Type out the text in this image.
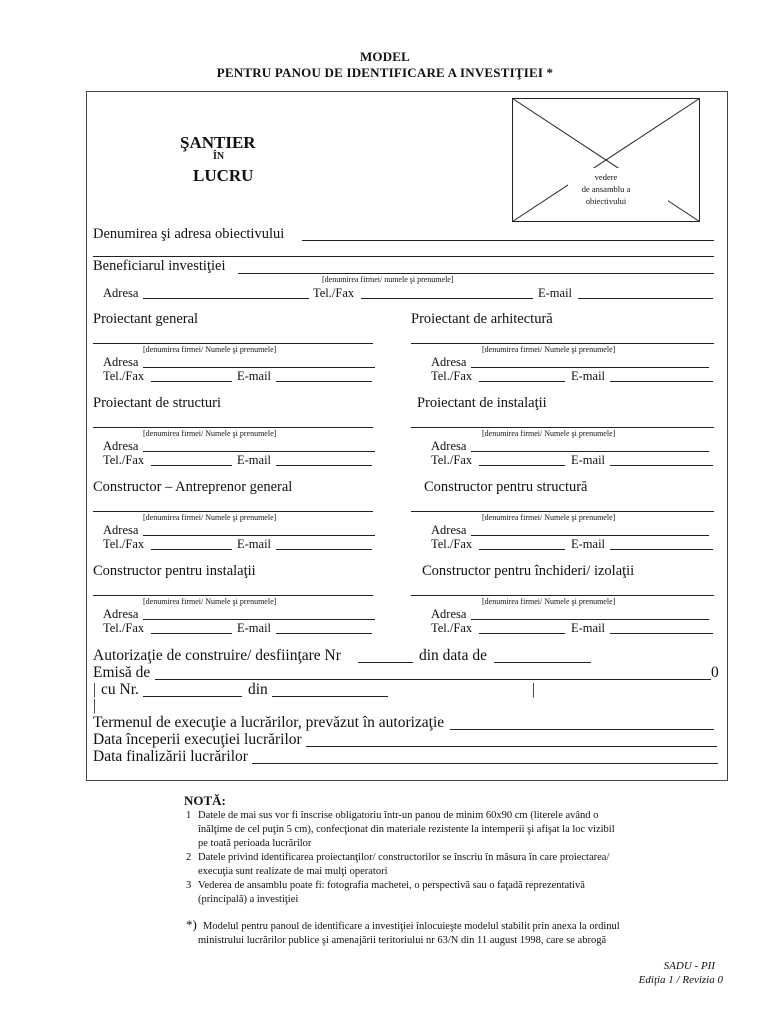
MODEL
PENTRU PANOU DE IDENTIFICARE A INVESTIŢIEI *
ŞANTIER
ÎN
LUCRU	vedere
de ansamblu a
obiectivului
Denumirea şi adresa obiectivului
Beneficiarul investiţiei
[denumirea firmei/ numele şi prenumele]
Adresa	Tel./Fax	E-mail
Proiectant general
[denumirea firmei/ Numele şi prenumele]
Adresa
Tel./Fax	E-mail
Proiectant de arhitectură
[denumirea firmei/ Numele şi prenumele]
Adresa
Tel./Fax	E-mail
Proiectant de structuri
[denumirea firmei/ Numele şi prenumele]
Adresa
Tel./Fax	E-mail
Proiectant de instalaţii
[denumirea firmei/ Numele şi prenumele]
Adresa
Tel./Fax	E-mail
Constructor – Antreprenor general
[denumirea firmei/ Numele şi prenumele]
Adresa
Tel./Fax	E-mail
Constructor pentru structură
[denumirea firmei/ Numele şi prenumele]
Adresa
Tel./Fax	E-mail
Constructor pentru instalaţii
[denumirea firmei/ Numele şi prenumele]
Adresa
Tel./Fax	E-mail
Constructor pentru închideri/ izolaţii
[denumirea firmei/ Numele şi prenumele]
Adresa
Tel./Fax	E-mail
Autorizaţie de construire/ desfiinţare Nr	din data de
Emisă de	0
| cu Nr.	din	|
|
Termenul de execuţie a lucrărilor, prevăzut în autorizaţie
Data începerii execuţiei lucrărilor
Data finalizării lucrărilor
NOTĂ:
1 Datele de mai sus vor fi înscrise obligatoriu într-un panou de minim 60x90 cm (literele având o
înălţime de cel puţin 5 cm), confecţionat din materiale rezistente la intemperii şi afişat la loc vizibil
pe toată perioada lucrărilor
2 Datele privind identificarea proiectanţilor/ constructorilor se înscriu în măsura în care proiectarea/
execuţia sunt realizate de mai mulţi operatori
3 Vederea de ansamblu poate fi: fotografia machetei, o perspectivă sau o faţadă reprezentativă
(principală) a investiţiei
*) Modelul pentru panoul de identificare a investiţiei înlocuieşte modelul stabilit prin anexa la ordinul
ministrului lucrărilor publice şi amenajării teritoriului nr 63/N din 11 august 1998, care se abrogă
SADU - PII
Ediţia 1 / Revizia 0
